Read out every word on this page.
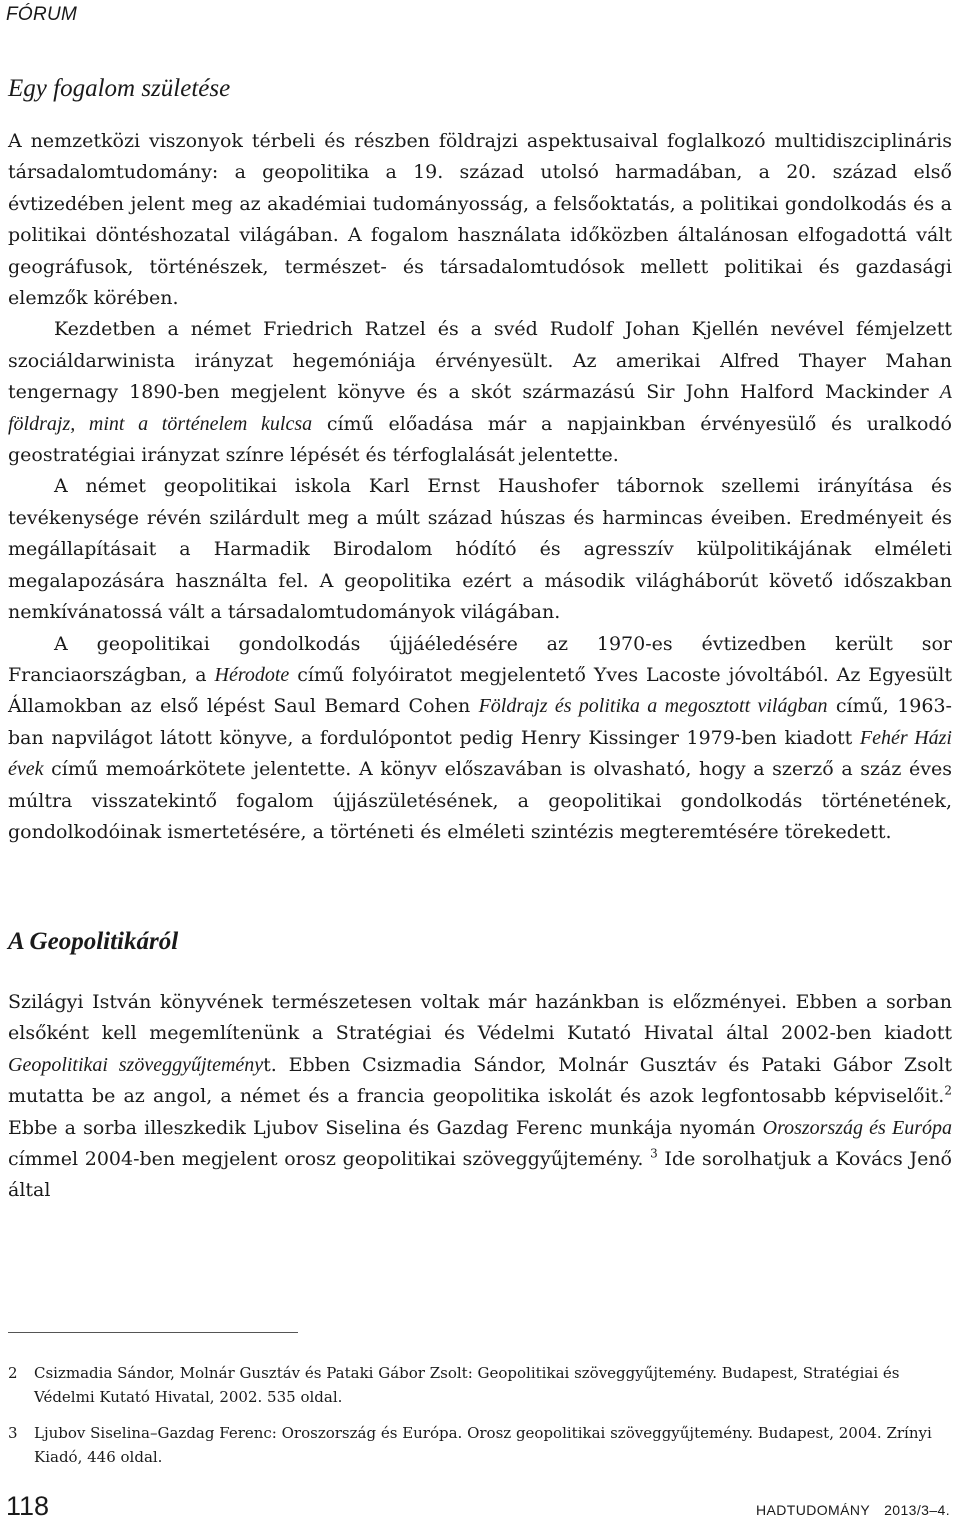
FÓRUM
Egy fogalom születése

A nemzetközi viszonyok térbeli és részben földrajzi aspektusaival foglalkozó multidiszciplináris társadalomtudomány: a geopolitika a 19. század utolsó harmadában, a 20. század első évtizedében jelent meg az akadémiai tudományosság, a felsőoktatás, a politikai gondolkodás és a politikai döntéshozatal világában. A fogalom használata időközben általánosan elfogadottá vált geográfusok, történészek, természet- és társadalomtudósok mellett politikai és gazdasági elemzők körében.

Kezdetben a német Friedrich Ratzel és a svéd Rudolf Johan Kjellén nevével fémjelzett szociáldarwinista irányzat hegemóniája érvényesült. Az amerikai Alfred Thayer Mahan tengernagy 1890-ben megjelent könyve és a skót származású Sir John Halford Mackinder A földrajz, mint a történelem kulcsa című előadása már a napjainkban érvényesülő és uralkodó geostratégiai irányzat színre lépését és térfoglalását jelentette.

A német geopolitikai iskola Karl Ernst Haushofer tábornok szellemi irányítása és tevékenysége révén szilárdult meg a múlt század húszas és harmincas éveiben. Eredményeit és megállapításait a Harmadik Birodalom hódító és agresszív külpolitikájának elméleti megalapozására használta fel. A geopolitika ezért a második világháborút követő időszakban nemkívánatossá vált a társadalomtudományok világában.

A geopolitikai gondolkodás újjáéledésére az 1970-es évtizedben került sor Franciaországban, a Hérodote című folyóiratot megjelentető Yves Lacoste jóvoltából. Az Egyesült Államokban az első lépést Saul Bemard Cohen Földrajz és politika a megosztott világban című, 1963-ban napvilágot látott könyve, a fordulópontot pedig Henry Kissinger 1979-ben kiadott Fehér Házi évek című memoárkötete jelentette. A könyv előszavában is olvasható, hogy a szerző a száz éves múltra visszatekintő fogalom újjászületésének, a geopolitikai gondolkodás történetének, gondolkodóinak ismertetésére, a történeti és elméleti szintézis megteremtésére törekedett.

A Geopolitikáról

Szilágyi István könyvének természetesen voltak már hazánkban is előzményei. Ebben a sorban elsőként kell megemlítenünk a Stratégiai és Védelmi Kutató Hivatal által 2002-ben kiadott Geopolitikai szöveggyűjteményt. Ebben Csizmadia Sándor, Molnár Gusztáv és Pataki Gábor Zsolt mutatta be az angol, a német és a francia geopolitika iskolát és azok legfontosabb képviselőit.$^2$ Ebbe a sorba illeszkedik Ljubov Siselina és Gazdag Ferenc munkája nyomán Oroszország és Európa címmel 2004-ben megjelent orosz geopolitikai szöveggyűjtemény. $^3$ Ide sorolhatjuk a Kovács Jenő által

2	Csizmadia Sándor, Molnár Gusztáv és Pataki Gábor Zsolt: Geopolitikai szöveggyűjtemény. Budapest, Stratégiai és Védelmi Kutató Hivatal, 2002. 535 oldal.
3	Ljubov Siselina–Gazdag Ferenc: Oroszország és Európa. Orosz geopolitikai szöveggyűjtemény. Budapest, 2004. Zrínyi Kiadó, 446 oldal.
118	HADTUDOMÁNY 2013/3–4.
